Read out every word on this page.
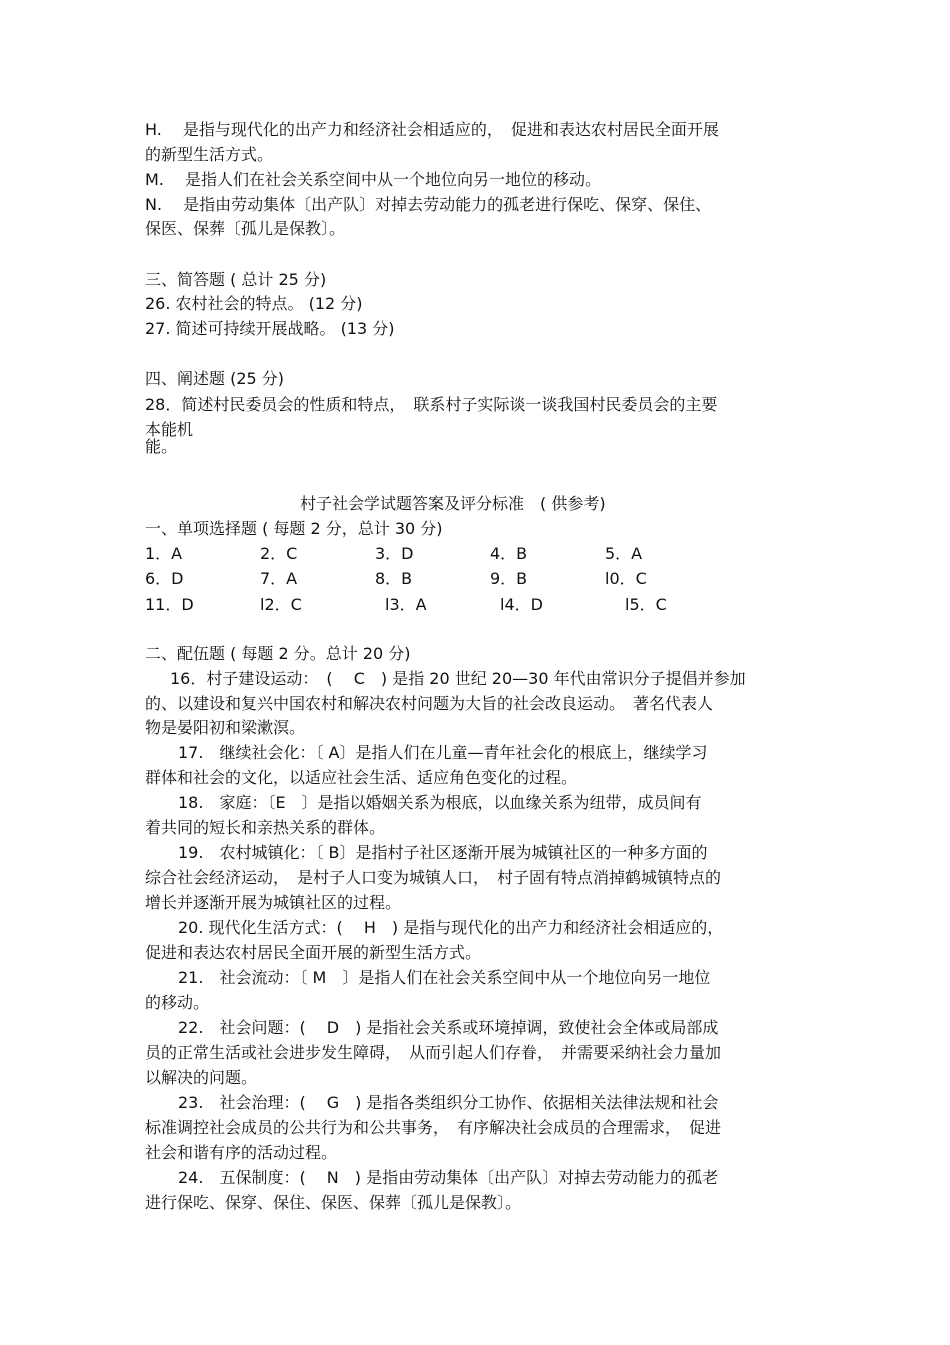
H.　 是指与现代化的出产力和经济社会相适应的，　促进和表达农村居民全面开展
的新型生活方式。
M.　 是指人们在社会关系空间中从一个地位向另一地位的移动。
N.　 是指由劳动集体〔出产队〕对掉去劳动能力的孤老进行保吃、保穿、保住、
保医、保葬〔孤儿是保教〕。
三、简答题 ( 总计 25 分)
26. 农村社会的特点。 (12 分)
27. 简述可持续开展战略。 (13 分)
四、阐述题 (25 分)
28．简述村民委员会的性质和特点，　联系村子实际谈一谈我国村民委员会的主要
本能机
能。
村子社会学试题答案及评分标准　( 供参考)
一、单项选择题 ( 每题 2 分，总计 30 分)
1．A	2．C	3．D	4．B	5．A
6．D	7．A	8．B	9．B	l0．C
11．D	l2．C	l3．A	l4．D	l5．C
二、配伍题 ( 每题 2 分。总计 20 分)
16．村子建设运动：　(　 C　) 是指 20 世纪 20—30 年代由常识分子提倡并参加
的、以建设和复兴中国农村和解决农村问题为大旨的社会改良运动。　著名代表人
物是晏阳初和梁漱溟。
17.　继续社会化：〔 A〕是指人们在儿童—青年社会化的根底上，继续学习
群体和社会的文化，以适应社会生活、适应角色变化的过程。
18.　家庭：〔E　〕是指以婚姻关系为根底，以血缘关系为纽带，成员间有
着共同的短长和亲热关系的群体。
19.　农村城镇化：〔 B〕是指村子社区逐渐开展为城镇社区的一种多方面的
综合社会经济运动，　是村子人口变为城镇人口，　村子固有特点消掉鹤城镇特点的
增长并逐渐开展为城镇社区的过程。
20. 现代化生活方式：(　 H　) 是指与现代化的出产力和经济社会相适应的，
促进和表达农村居民全面开展的新型生活方式。
21.　社会流动：〔 M　〕是指人们在社会关系空间中从一个地位向另一地位
的移动。
22.　社会问题：(　 D　) 是指社会关系或环境掉调，致使社会全体或局部成
员的正常生活或社会进步发生障碍，　从而引起人们存眷，　并需要采纳社会力量加
以解决的问题。
23.　社会治理：(　 G　) 是指各类组织分工协作、依据相关法律法规和社会
标准调控社会成员的公共行为和公共事务，　有序解决社会成员的合理需求，　促进
社会和谐有序的活动过程。
24.　五保制度：(　 N　) 是指由劳动集体〔出产队〕对掉去劳动能力的孤老
进行保吃、保穿、保住、保医、保葬〔孤儿是保教〕。
